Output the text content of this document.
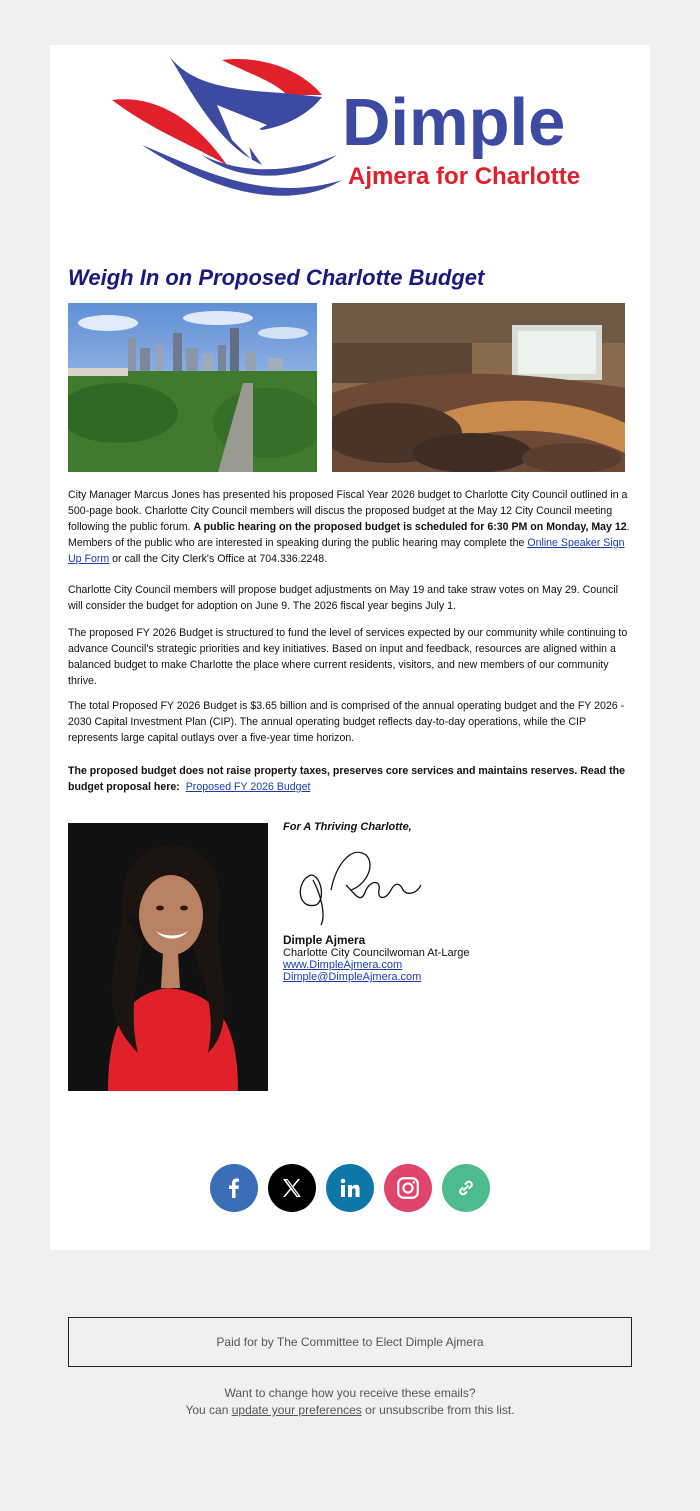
Dimple
Ajmera for Charlotte
Weigh In on Proposed Charlotte Budget

City Manager Marcus Jones has presented his proposed Fiscal Year 2026 budget to Charlotte City Council outlined in a 500-page book. Charlotte City Council members will discus the proposed budget at the May 12 City Council meeting following the public forum. A public hearing on the proposed budget is scheduled for 6:30 PM on Monday, May 12. Members of the public who are interested in speaking during the public hearing may complete the Online Speaker Sign Up Form or call the City Clerk's Office at 704.336.2248.

Charlotte City Council members will propose budget adjustments on May 19 and take straw votes on May 29. Council will consider the budget for adoption on June 9. The 2026 fiscal year begins July 1.

The proposed FY 2026 Budget is structured to fund the level of services expected by our community while continuing to advance Council's strategic priorities and key initiatives. Based on input and feedback, resources are aligned within a balanced budget to make Charlotte the place where current residents, visitors, and new members of our community thrive.

The total Proposed FY 2026 Budget is $3.65 billion and is comprised of the annual operating budget and the FY 2026 - 2030 Capital Investment Plan (CIP). The annual operating budget reflects day-to-day operations, while the CIP represents large capital outlays over a five-year time horizon.

The proposed budget does not raise property taxes, preserves core services and maintains reserves. Read the budget proposal here: Proposed FY 2026 Budget

For A Thriving Charlotte,
Dimple Ajmera
Charlotte City Councilwoman At-Large
www.DimpleAjmera.com
Dimple@DimpleAjmera.com
Paid for by The Committee to Elect Dimple Ajmera
Want to change how you receive these emails?
You can update your preferences or unsubscribe from this list.
